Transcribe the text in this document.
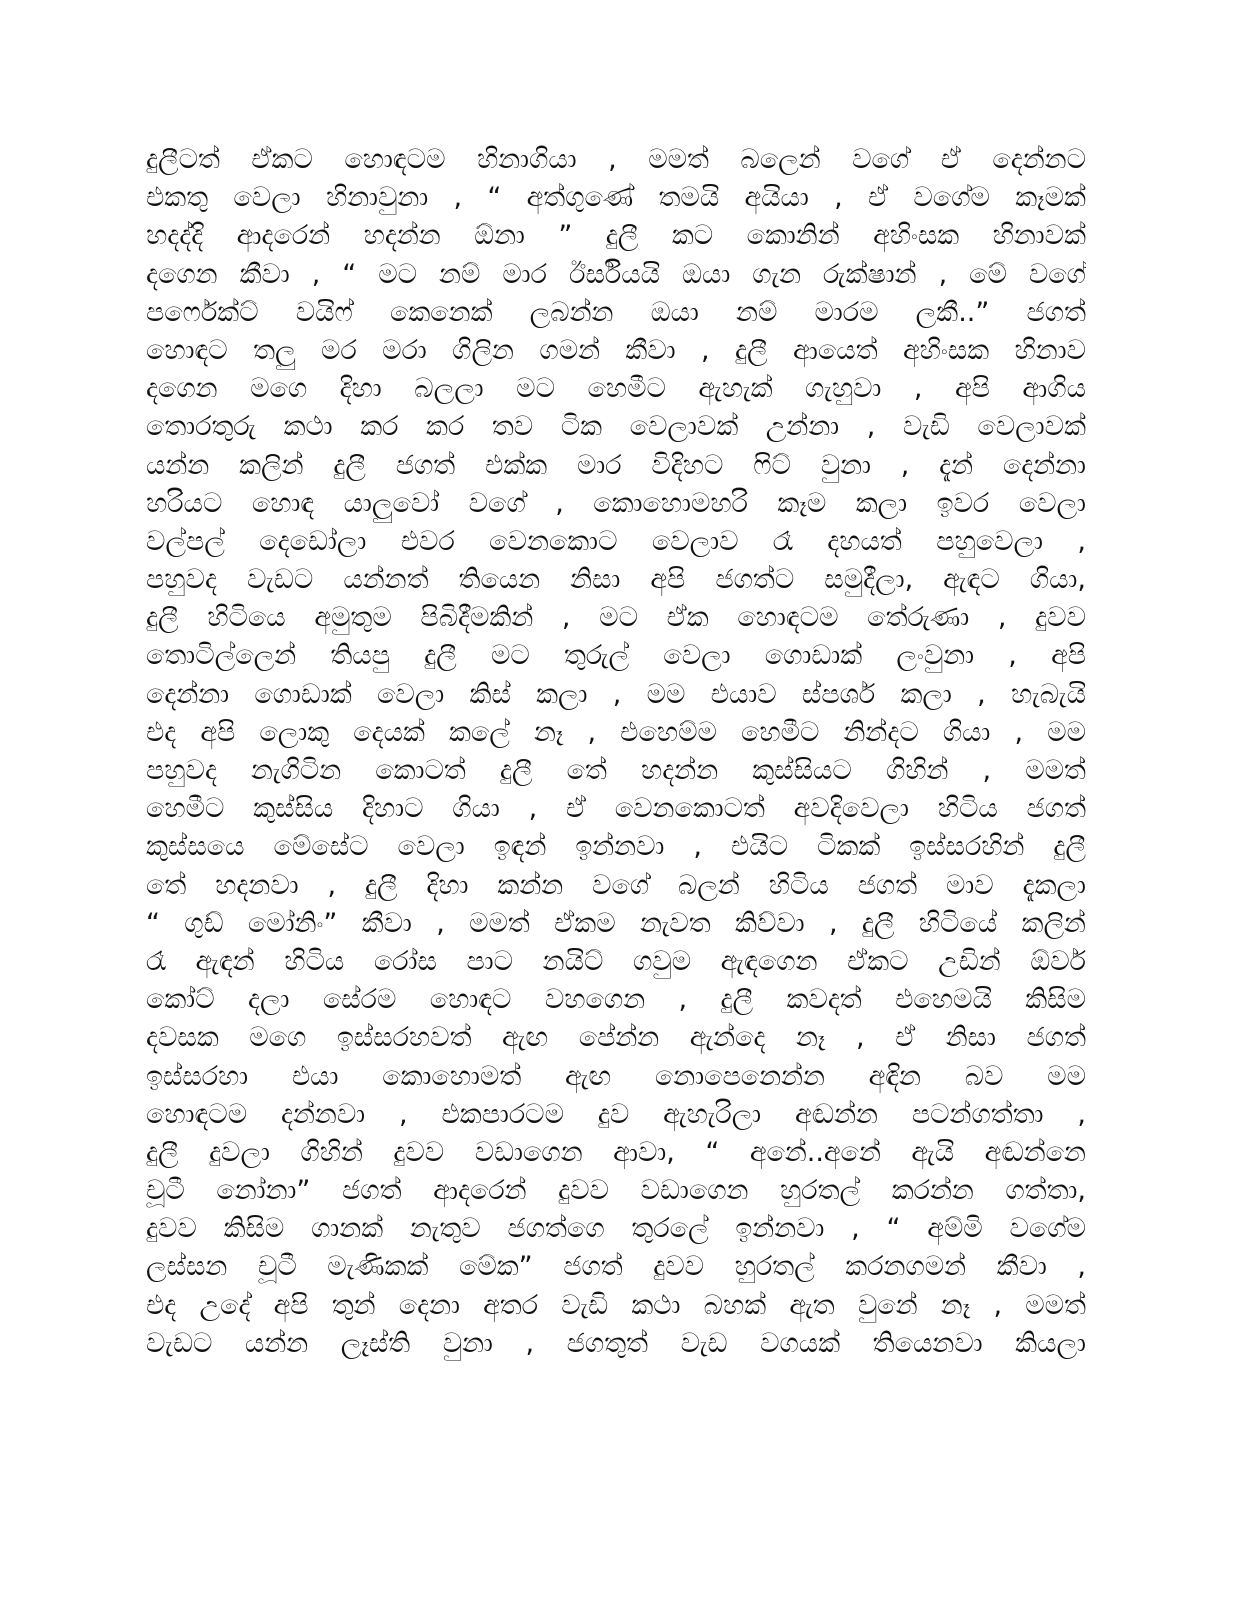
දුලීටත් ඒකට හොඳටම හිනාගියා , මමත් බලෙන් වගේ ඒ දෙන්නට
එකතු වෙලා හිනාවුනා , “ අත්ගුණේ තමයි අයියා , ඒ වගේම කෑමක්
හදද්දි ආදරෙන් හදන්න ඕනා ” දුලී කට කොනින් අහිංසක හිනාවක්
දගෙන කීවා , “ මට නම් මාර ඊර්සියයි ඔයා ගැන රුක්ෂාන් , මේ වගේ
පර්ෆෙක්ට් වයිෆ් කෙනෙක් ලබන්න ඔයා නම් මාරම ලකී..” ජගත්
හොඳට තලු මර මරා ගිලින ගමන් කීවා , දුලී ආයෙත් අහිංසක හිනාව
දගෙන මගෙ දිහා බලලා මට හෙමීට ඇහැක් ගැහුවා , අපි ආගිය
තොරතුරු කථා කර කර තව ටික වෙලාවක් උන්නා , වැඩි වෙලාවක්
යන්න කලින් දුලී ජගත් එක්ක මාර විදිහට ෆිට් වුනා , දැන් දෙන්නා
හරියට හොඳ යාලුවෝ වගේ , කොහොමහරි කෑම කලා ඉවර වෙලා
වල්පල් දෙඩෝලා එවර වෙනකොට වෙලාව රෑ දහයත් පහුවෙලා ,
පහුවද වැඩට යන්නත් තියෙන නිසා අපි ජගත්ට සමුදීලා, ඇඳට ගියා,
දුලී හිටියෙ අමුතුම පිබිදීමකින් , මට ඒක හොඳටම තේරුණා , දුවව
තොටිල්ලෙන් තියපු දුලී මට තුරුල් වෙලා ගොඩාක් ලංවුනා , අපි
දෙන්නා ගොඩාක් වෙලා කිස් කලා , මම එයාව ස්පර්ශ කලා , හැබැයි
එද අපි ලොකු දෙයක් කලේ නෑ , එහෙම්ම හෙමීට නින්දට ගියා , මම
පහුවද නැගිටින කොටත් දුලී තේ හදන්න කුස්සියට ගිහින් , මමත්
හෙමීට කුස්සිය දිහාට ගියා , ඒ වෙනකොටත් අවදිවෙලා හිටිය ජගත්
කුස්සයෙ මේසේට වෙලා ඉඳන් ඉන්නවා , එයිට ටිකක් ඉස්සරහින් දුලී
තේ හදනවා , දුලී දිහා කන්න වගේ බලන් හිටිය ජගත් මාව දැකලා
“ ගුඩ් මෝනිං” කීවා , මමත් ඒකම නැවත කිව්වා , දුලී හිටියේ කලින්
රෑ ඇඳන් හිටිය රෝස පාට නයිට් ගවුම ඇඳගෙන ඒකට උඩින් ඕවර්
කෝට් දලා සේරම හොඳට වහගෙන , දුලී කවදත් එහෙමයි කිසිම
දවසක මගෙ ඉස්සරහවත් ඇඟ පේන්න ඇන්දෙ නෑ , ඒ නිසා ජගත්
ඉස්සරහා එයා කොහොමත් ඇඟ නොපෙනෙන්න අඳින බව මම
හොඳටම දන්නවා , එකපාරටම දුව ඇහැරිලා අඬන්න පටන්ගත්තා ,
දුලී දුවලා ගිහින් දුවව වඩාගෙන ආවා, “ අනේ..අනේ ඇයි අඬන්නෙ
චූටී නෝනා” ජගත් ආදරෙන් දුවව වඩාගෙන හුරතල් කරන්න ගත්තා,
දුවව කිසිම ගානක් නැතුව ජගත්ගෙ තුරලේ ඉන්නවා , “ අම්මි වගේම
ලස්සන චූටී මැණිකක් මේක” ජගත් දුවව හුරතල් කරනගමන් කීවා ,
එද උදේ අපි තුන් දෙනා අතර වැඩි කථා බහක් ඇත වුනේ නෑ , මමත්
වැඩට යන්න ලෑස්ති වුනා , ජගතුත් වැඩ වගයක් තියෙනවා කියලා
